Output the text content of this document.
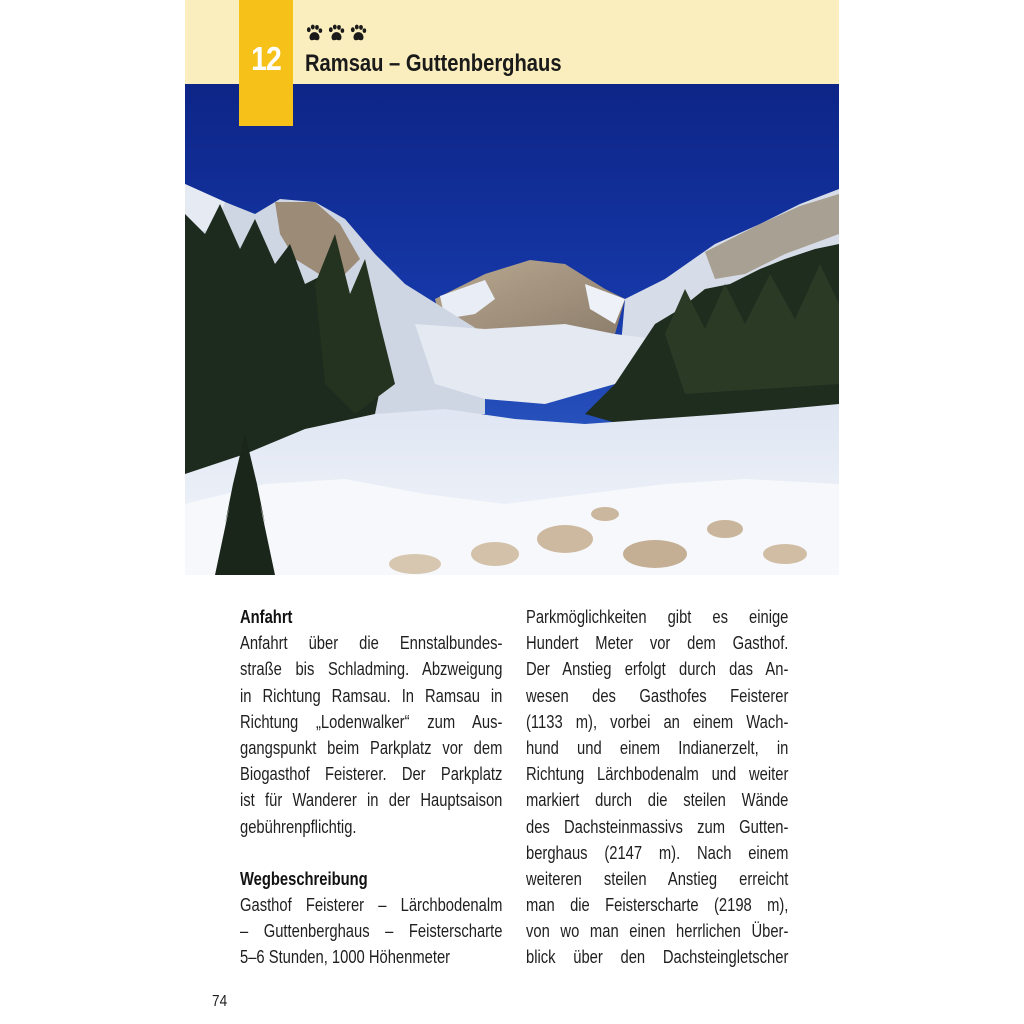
12	Ramsau – Guttenberghaus
Anfahrt
Anfahrt über die Ennstalbundes-
straße bis Schladming. Abzweigung
in Richtung Ramsau. In Ramsau in
Richtung „Lodenwalker“ zum Aus-
gangspunkt beim Parkplatz vor dem
Biogasthof Feisterer. Der Parkplatz
ist für Wanderer in der Hauptsaison
gebührenpflichtig.
Wegbeschreibung
Gasthof Feisterer – Lärchbodenalm
– Guttenberghaus – Feisterscharte
5–6 Stunden, 1000 Höhenmeter
Parkmöglichkeiten gibt es einige
Hundert Meter vor dem Gasthof.
Der Anstieg erfolgt durch das An-
wesen des Gasthofes Feisterer
(1133 m), vorbei an einem Wach-
hund und einem Indianerzelt, in
Richtung Lärchbodenalm und weiter
markiert durch die steilen Wände
des Dachsteinmassivs zum Gutten-
berghaus (2147 m). Nach einem
weiteren steilen Anstieg erreicht
man die Feisterscharte (2198 m),
von wo man einen herrlichen Über-
blick über den Dachsteingletscher
74
